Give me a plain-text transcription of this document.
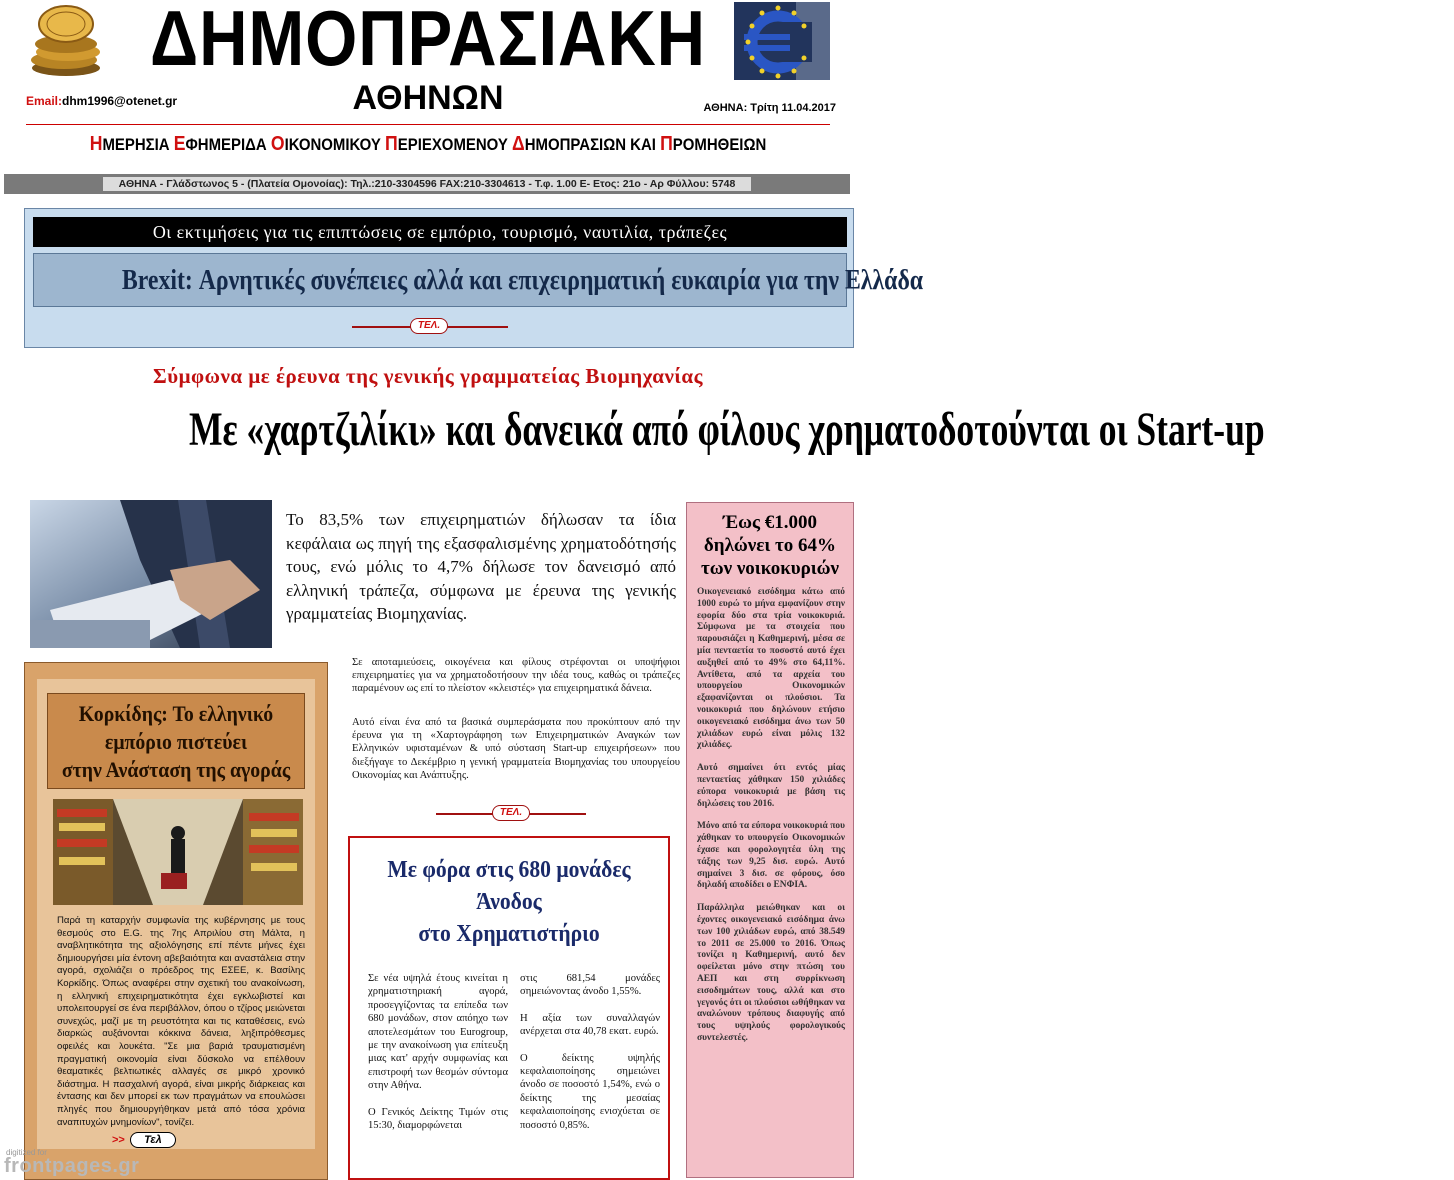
ΔΗΜΟΠΡΑΣΙΑΚΗ
ΑΘΗΝΩΝ
Email:dhm1996@otenet.gr	ΑΘΗΝΑ: Τρίτη 11.04.2017
ΗΜΕΡΗΣΙΑ ΕΦΗΜΕΡΙΔΑ ΟΙΚΟΝΟΜΙΚΟΥ ΠΕΡΙΕΧΟΜΕΝΟΥ ΔΗΜΟΠΡΑΣΙΩΝ ΚΑΙ ΠΡΟΜΗΘΕΙΩΝ
ΑΘΗΝΑ - Γλάδστωνος 5 - (Πλατεία Ομονοίας): Τηλ.:210-3304596 FAX:210-3304613 - Τ.φ. 1.00 Ε- Ετος: 21ο - Αρ Φύλλου: 5748
Οι εκτιμήσεις για τις επιπτώσεις σε εμπόριο, τουρισμό, ναυτιλία, τράπεζες
Brexit: Αρνητικές συνέπειες αλλά και επιχειρηματική ευκαιρία για την Ελλάδα
ΤΕΛ.
Σύμφωνα με έρευνα της γενικής γραμματείας Βιομηχανίας
Με «χαρτζιλίκι» και δανεικά από φίλους χρηματοδοτούνται οι Start-up
Το 83,5% των επιχειρηματιών δήλωσαν τα ίδια κεφάλαια ως πηγή της εξασφαλισμένης χρηματοδότησής τους, ενώ μόλις το 4,7% δήλωσε τον δανεισμό από ελληνική τράπεζα, σύμφωνα με έρευνα της γενικής γραμματείας Βιομηχανίας.
Σε αποταμιεύσεις, οικογένεια και φίλους στρέφονται οι υποψήφιοι επιχειρηματίες για να χρηματοδοτήσουν την ιδέα τους, καθώς οι τράπεζες παραμένουν ως επί το πλείστον «κλειστές» για επιχειρηματικά δάνεια.
Αυτό είναι ένα από τα βασικά συμπεράσματα που προκύπτουν από την έρευνα για τη «Χαρτογράφηση των Επιχειρηματικών Αναγκών των Ελληνικών υφισταμένων & υπό σύσταση Start-up επιχειρήσεων» που διεξήγαγε το Δεκέμβριο η γενική γραμματεία Βιομηχανίας του υπουργείου Οικονομίας και Ανάπτυξης.
ΤΕΛ.
Κορκίδης: Το ελληνικό
εμπόριο πιστεύει
στην Ανάσταση της αγοράς
Παρά τη καταρχήν συμφωνία της κυβέρνησης με τους θεσμούς στο E.G. της 7ης Απριλίου στη Μάλτα, η αναβλητικότητα της αξιολόγησης επί πέντε μήνες έχει δημιουργήσει μία έντονη αβεβαιότητα και αναστάλεια στην αγορά, σχολιάζει ο πρόεδρος της ΕΣΕΕ, κ. Βασίλης Κορκίδης. Όπως αναφέρει στην σχετική του ανακοίνωση, η ελληνική επιχειρηματικότητα έχει εγκλωβιστεί και υπολειτουργεί σε ένα περιβάλλον, όπου ο τζίρος μειώνεται συνεχώς, μαζί με τη ρευστότητα και τις καταθέσεις, ενώ διαρκώς αυξάνονται κόκκινα δάνεια, ληξιπρόθεσμες οφειλές και λουκέτα. "Σε μια βαριά τραυματισμένη πραγματική οικονομία είναι δύσκολο να επέλθουν θεαματικές βελτιωτικές αλλαγές σε μικρό χρονικό διάστημα. Η πασχαλινή αγορά, είναι μικρής διάρκειας και έντασης και δεν μπορεί εκ των πραγμάτων να επουλώσει πληγές που δημιουργήθηκαν μετά από τόσα χρόνια αναπιτυχών μνημονίων", τονίζει.
>> Τελ
Με φόρα στις 680 μονάδες
Άνοδος
στο Χρηματιστήριο

Σε νέα υψηλά έτους κινείται η χρηματιστηριακή αγορά, προσεγγίζοντας τα επίπεδα των 680 μονάδων, στον απόηχο των αποτελεσμάτων του Eurogroup, με την ανακοίνωση για επίτευξη μιας κατ' αρχήν συμφωνίας και επιστροφή των θεσμών σύντομα στην Αθήνα.

Ο Γενικός Δείκτης Τιμών στις 15:30, διαμορφώνεται

στις 681,54 μονάδες σημειώνοντας άνοδο 1,55%.

Η αξία των συναλλαγών ανέρχεται στα 40,78 εκατ. ευρώ.

Ο δείκτης υψηλής κεφαλαιοποίησης σημειώνει άνοδο σε ποσοστό 1,54%, ενώ ο δείκτης της μεσαίας κεφαλαιοποίησης ενισχύεται σε ποσοστό 0,85%.

Έως €1.000
δηλώνει το 64%
των νοικοκυριών

Οικογενειακό εισόδημα κάτω από 1000 ευρώ το μήνα εμφανίζουν στην εφορία δύο στα τρία νοικοκυριά. Σύμφωνα με τα στοιχεία που παρουσιάζει η Καθημερινή, μέσα σε μία πενταετία το ποσοστό αυτό έχει αυξηθεί από το 49% στο 64,11%. Αντίθετα, από τα αρχεία του υπουργείου Οικονομικών εξαφανίζονται οι πλούσιοι. Τα νοικοκυριά που δηλώνουν ετήσιο οικογενειακό εισόδημα άνω των 50 χιλιάδων ευρώ είναι μόλις 132 χιλιάδες.

Αυτό σημαίνει ότι εντός μίας πενταετίας χάθηκαν 150 χιλιάδες εύπορα νοικοκυριά με βάση τις δηλώσεις του 2016.

Μόνο από τα εύπορα νοικοκυριά που χάθηκαν το υπουργείο Οικονομικών έχασε και φορολογητέα ύλη της τάξης των 9,25 δισ. ευρώ. Αυτό σημαίνει 3 δισ. σε φόρους, όσο δηλαδή αποδίδει ο ΕΝΦΙΑ.

Παράλληλα μειώθηκαν και οι έχοντες οικογενειακό εισόδημα άνω των 100 χιλιάδων ευρώ, από 38.549 το 2011 σε 25.000 το 2016. Όπως τονίζει η Καθημερινή, αυτό δεν οφείλεται μόνο στην πτώση του ΑΕΠ και στη συρρίκνωση εισοδημάτων τους, αλλά και στο γεγονός ότι οι πλούσιοι ωθήθηκαν να αναλώνουν τρόπους διαφυγής από τους υψηλούς φορολογικούς συντελεστές.

digitized for
frontpages.gr
